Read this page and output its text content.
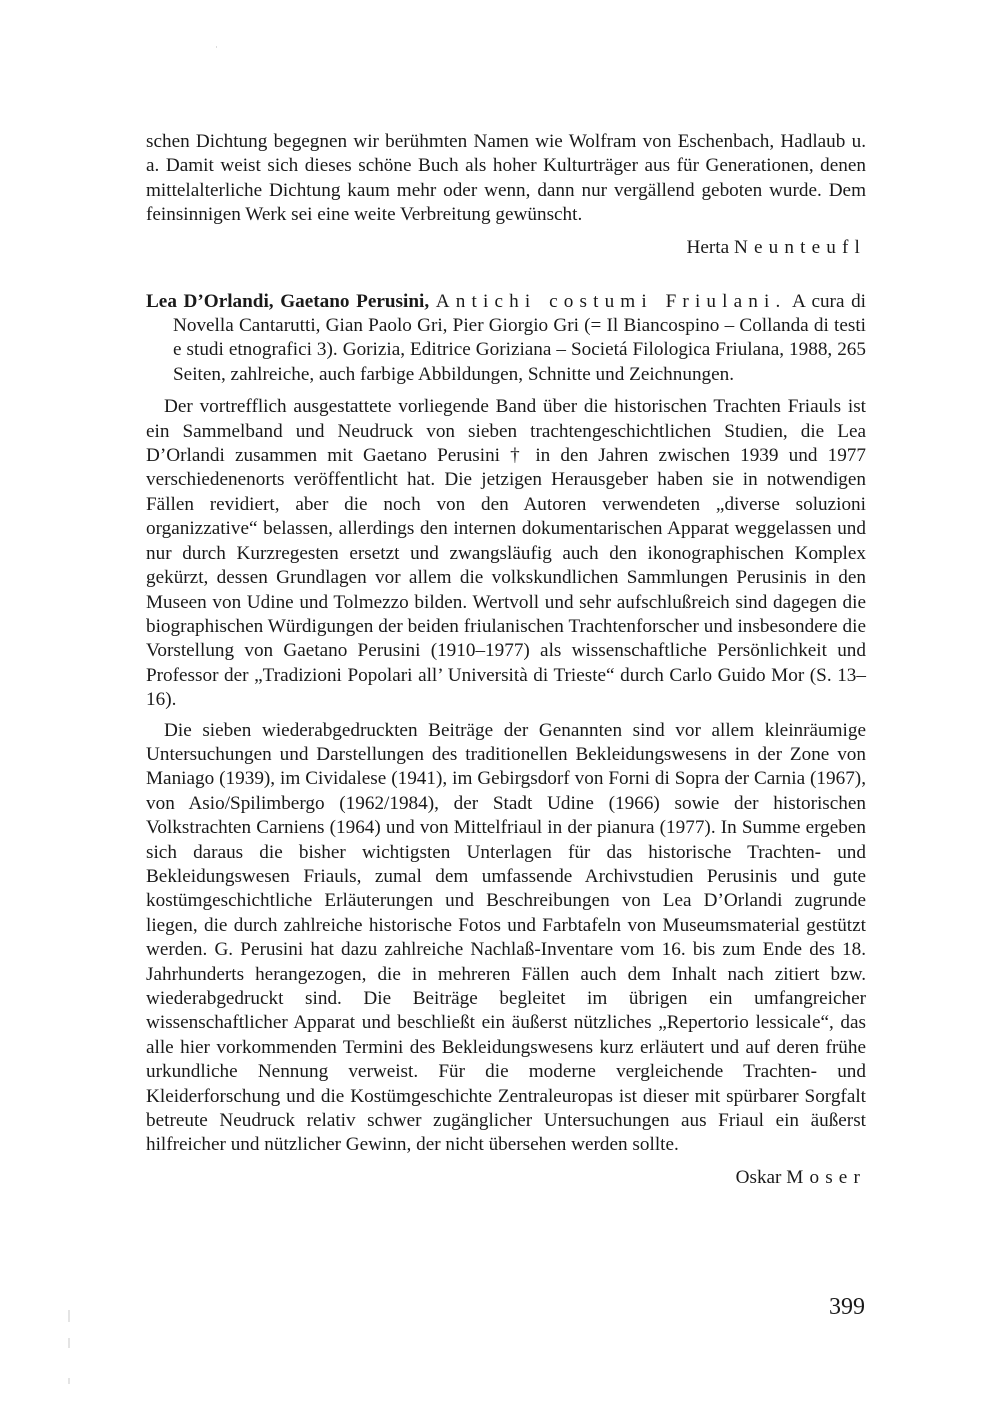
schen Dichtung begegnen wir berühmten Namen wie Wolfram von Eschenbach, Hadlaub u. a. Damit weist sich dieses schöne Buch als hoher Kulturträger aus für Generationen, denen mittelalterliche Dichtung kaum mehr oder wenn, dann nur vergällend geboten wurde. Dem feinsinnigen Werk sei eine weite Verbreitung gewünscht.

Herta Neunteufl

Lea D’Orlandi, Gaetano Perusini, Antichi costumi Friulani. A cura di Novella Cantarutti, Gian Paolo Gri, Pier Giorgio Gri (= Il Biancospino – Collanda di testi e studi etnografici 3). Gorizia, Editrice Goriziana – Societá Filologica Friulana, 1988, 265 Seiten, zahlreiche, auch farbige Abbildungen, Schnitte und Zeichnungen.

Der vortrefflich ausgestattete vorliegende Band über die historischen Trachten Friauls ist ein Sammelband und Neudruck von sieben trachtengeschichtlichen Studien, die Lea D’Orlandi zusammen mit Gaetano Perusini † in den Jahren zwischen 1939 und 1977 verschiedenenorts veröffentlicht hat. Die jetzigen Herausgeber haben sie in notwendigen Fällen revidiert, aber die noch von den Autoren verwendeten „diverse soluzioni organizzative“ belassen, allerdings den internen dokumentarischen Apparat weggelassen und nur durch Kurzregesten ersetzt und zwangsläufig auch den ikonographischen Komplex gekürzt, dessen Grundlagen vor allem die volkskundlichen Sammlungen Perusinis in den Museen von Udine und Tolmezzo bilden. Wertvoll und sehr aufschlußreich sind dagegen die biographischen Würdigungen der beiden friulanischen Trachtenforscher und insbesondere die Vorstellung von Gaetano Perusini (1910–1977) als wissenschaftliche Persönlichkeit und Professor der „Tradizioni Popolari all’ Università di Trieste“ durch Carlo Guido Mor (S. 13–16).

Die sieben wiederabgedruckten Beiträge der Genannten sind vor allem kleinräumige Untersuchungen und Darstellungen des traditionellen Bekleidungswesens in der Zone von Maniago (1939), im Cividalese (1941), im Gebirgsdorf von Forni di Sopra der Carnia (1967), von Asio/Spilimbergo (1962/1984), der Stadt Udine (1966) sowie der historischen Volkstrachten Carniens (1964) und von Mittelfriaul in der pianura (1977). In Summe ergeben sich daraus die bisher wichtigsten Unterlagen für das historische Trachten- und Bekleidungswesen Friauls, zumal dem umfassende Archivstudien Perusinis und gute kostümgeschichtliche Erläuterungen und Beschreibungen von Lea D’Orlandi zugrunde liegen, die durch zahlreiche historische Fotos und Farbtafeln von Museumsmaterial gestützt werden. G. Perusini hat dazu zahlreiche Nachlaß-Inventare vom 16. bis zum Ende des 18. Jahrhunderts herangezogen, die in mehreren Fällen auch dem Inhalt nach zitiert bzw. wiederabgedruckt sind. Die Beiträge begleitet im übrigen ein umfangreicher wissenschaftlicher Apparat und beschließt ein äußerst nützliches „Repertorio lessicale“, das alle hier vorkommenden Termini des Bekleidungswesens kurz erläutert und auf deren frühe urkundliche Nennung verweist. Für die moderne vergleichende Trachten- und Kleiderforschung und die Kostümgeschichte Zentraleuropas ist dieser mit spürbarer Sorgfalt betreute Neudruck relativ schwer zugänglicher Untersuchungen aus Friaul ein äußerst hilfreicher und nützlicher Gewinn, der nicht übersehen werden sollte.

Oskar Moser
399
